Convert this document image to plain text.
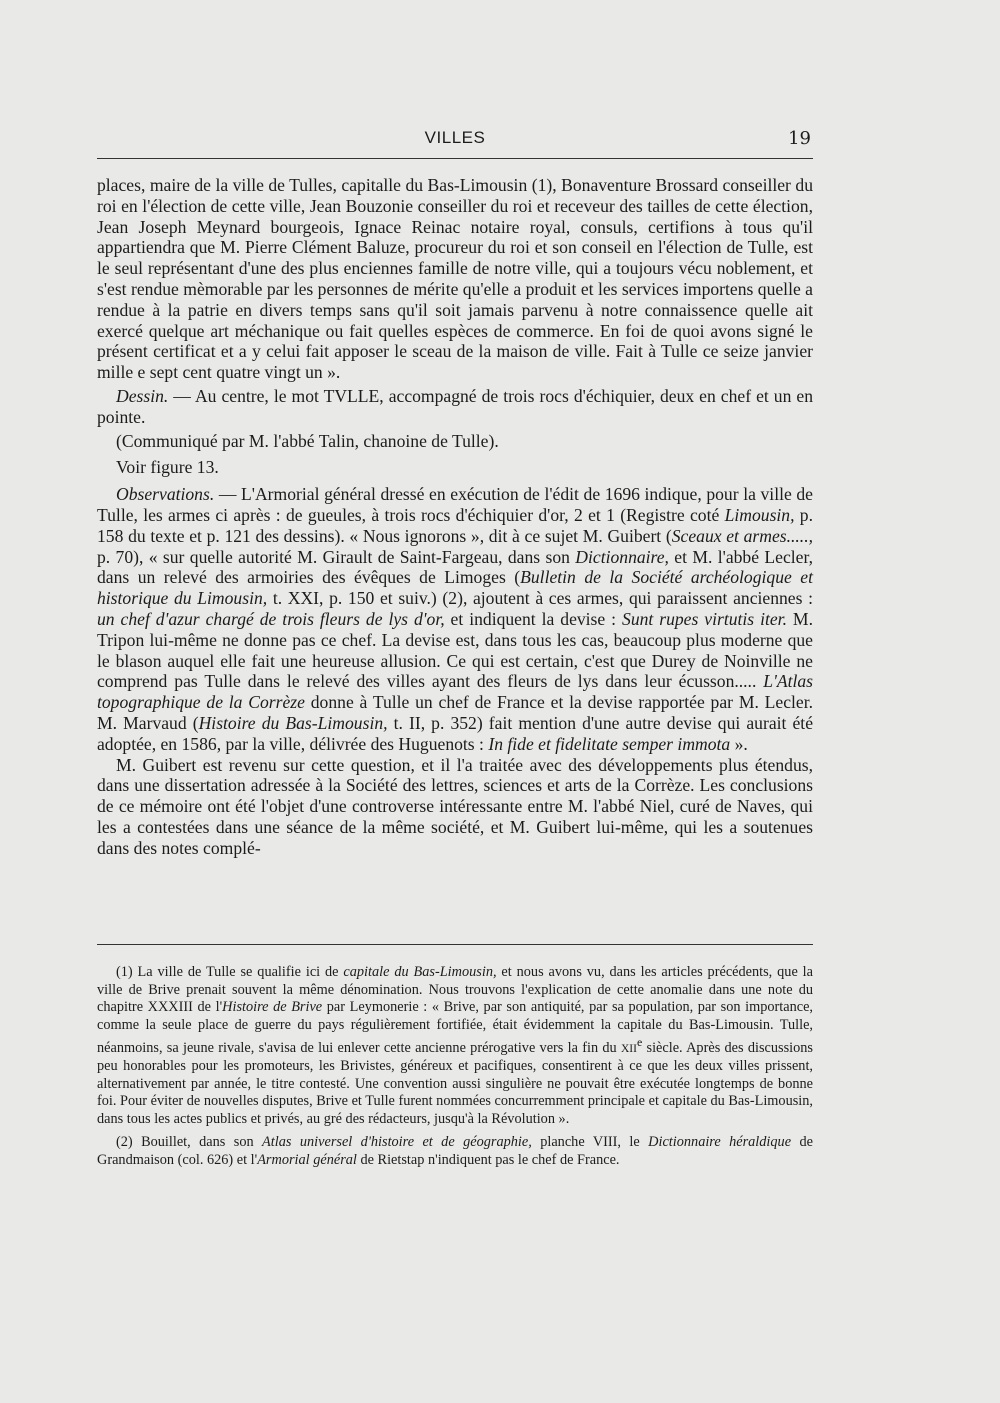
VILLES	19

places, maire de la ville de Tulles, capitalle du Bas-Limousin (1), Bonaventure Brossard conseiller du roi en l'élection de cette ville, Jean Bouzonie conseiller du roi et receveur des tailles de cette élection, Jean Joseph Meynard bourgeois, Ignace Reinac notaire royal, consuls, certifions à tous qu'il appartiendra que M. Pierre Clément Baluze, procureur du roi et son conseil en l'élection de Tulle, est le seul représentant d'une des plus enciennes famille de notre ville, qui a toujours vécu noblement, et s'est rendue mèmorable par les personnes de mérite qu'elle a produit et les services importens quelle a rendue à la patrie en divers temps sans qu'il soit jamais parvenu à notre connaissence quelle ait exercé quelque art méchanique ou fait quelles espèces de commerce. En foi de quoi avons signé le présent certificat et a y celui fait apposer le sceau de la maison de ville. Fait à Tulle ce seize janvier mille e sept cent quatre vingt un ».

Dessin. — Au centre, le mot TVLLE, accompagné de trois rocs d'échiquier, deux en chef et un en pointe.

(Communiqué par M. l'abbé Talin, chanoine de Tulle).

Voir figure 13.

Observations. — L'Armorial général dressé en exécution de l'édit de 1696 indique, pour la ville de Tulle, les armes ci après : de gueules, à trois rocs d'échiquier d'or, 2 et 1 (Registre coté Limousin, p. 158 du texte et p. 121 des dessins). « Nous ignorons », dit à ce sujet M. Guibert (Sceaux et armes....., p. 70), « sur quelle autorité M. Girault de Saint-Fargeau, dans son Dictionnaire, et M. l'abbé Lecler, dans un relevé des armoiries des évêques de Limoges (Bulletin de la Société archéologique et historique du Limousin, t. XXI, p. 150 et suiv.) (2), ajoutent à ces armes, qui paraissent anciennes : un chef d'azur chargé de trois fleurs de lys d'or, et indiquent la devise : Sunt rupes virtutis iter. M. Tripon lui-même ne donne pas ce chef. La devise est, dans tous les cas, beaucoup plus moderne que le blason auquel elle fait une heureuse allusion. Ce qui est certain, c'est que Durey de Noinville ne comprend pas Tulle dans le relevé des villes ayant des fleurs de lys dans leur écusson..... L'Atlas topographique de la Corrèze donne à Tulle un chef de France et la devise rapportée par M. Lecler. M. Marvaud (Histoire du Bas-Limousin, t. II, p. 352) fait mention d'une autre devise qui aurait été adoptée, en 1586, par la ville, délivrée des Huguenots : In fide et fidelitate semper immota ».

M. Guibert est revenu sur cette question, et il l'a traitée avec des développements plus étendus, dans une dissertation adressée à la Société des lettres, sciences et arts de la Corrèze. Les conclusions de ce mémoire ont été l'objet d'une controverse intéressante entre M. l'abbé Niel, curé de Naves, qui les a contestées dans une séance de la même société, et M. Guibert lui-même, qui les a soutenues dans des notes complé-

(1) La ville de Tulle se qualifie ici de capitale du Bas-Limousin, et nous avons vu, dans les articles précédents, que la ville de Brive prenait souvent la même dénomination. Nous trouvons l'explication de cette anomalie dans une note du chapitre XXXIII de l'Histoire de Brive par Leymonerie : « Brive, par son antiquité, par sa population, par son importance, comme la seule place de guerre du pays régulièrement fortifiée, était évidemment la capitale du Bas-Limousin. Tulle, néanmoins, sa jeune rivale, s'avisa de lui enlever cette ancienne prérogative vers la fin du XIIe siècle. Après des discussions peu honorables pour les promoteurs, les Brivistes, généreux et pacifiques, consentirent à ce que les deux villes prissent, alternativement par année, le titre contesté. Une convention aussi singulière ne pouvait être exécutée longtemps de bonne foi. Pour éviter de nouvelles disputes, Brive et Tulle furent nommées concurremment principale et capitale du Bas-Limousin, dans tous les actes publics et privés, au gré des rédacteurs, jusqu'à la Révolution ».

(2) Bouillet, dans son Atlas universel d'histoire et de géographie, planche VIII, le Dictionnaire héraldique de Grandmaison (col. 626) et l'Armorial général de Rietstap n'indiquent pas le chef de France.
